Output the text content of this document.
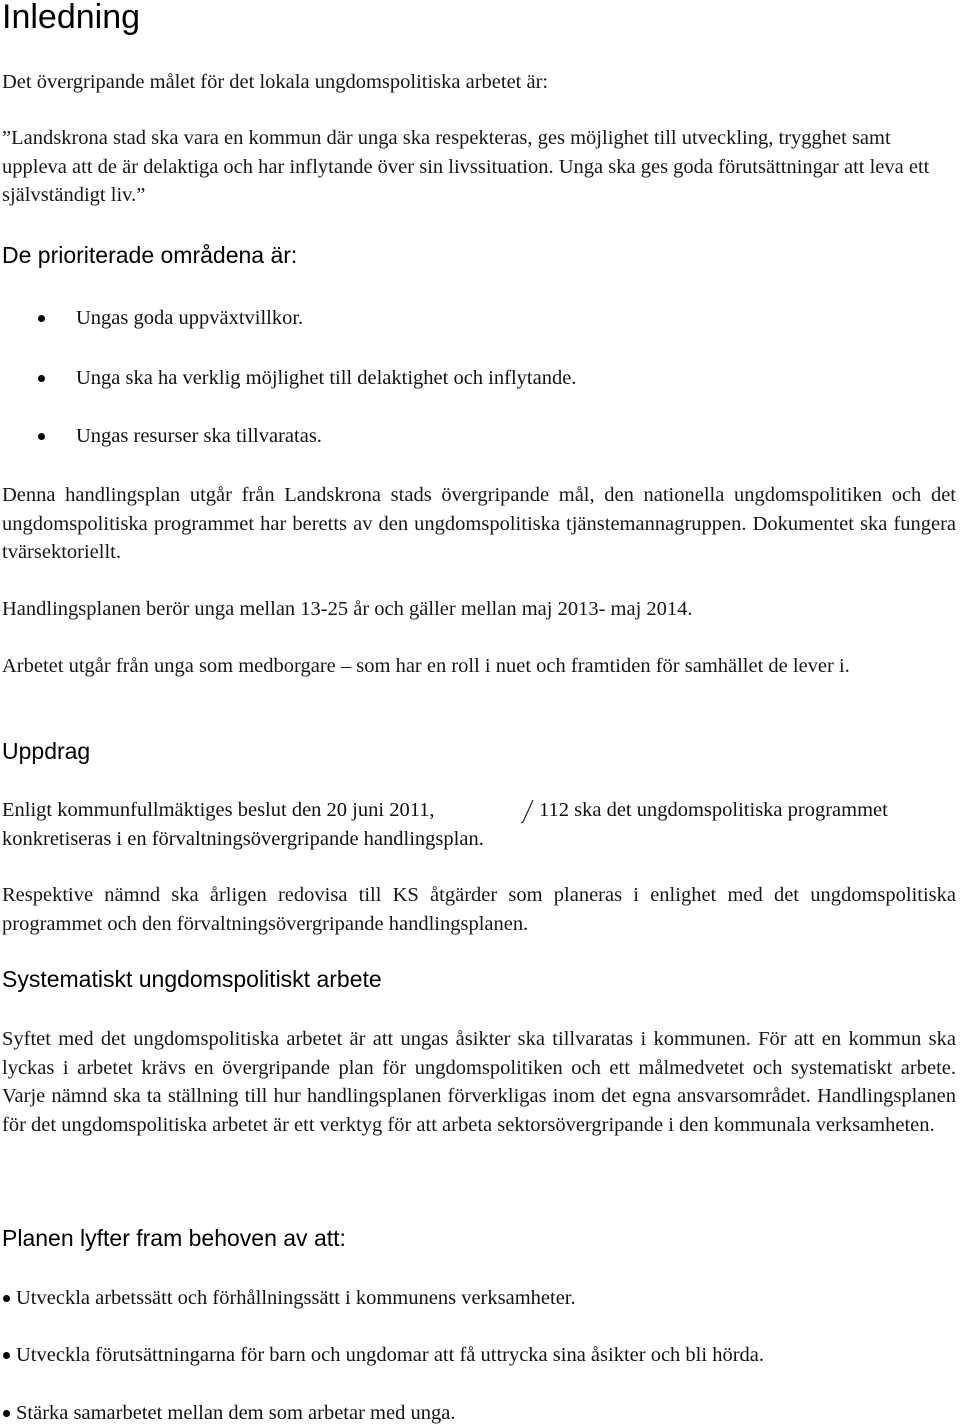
Inledning

Det övergripande målet för det lokala ungdomspolitiska arbetet är:

”Landskrona stad ska vara en kommun där unga ska respekteras, ges möjlighet till utveckling, trygghet samt uppleva att de är delaktiga och har inflytande över sin livssituation. Unga ska ges goda förutsättningar att leva ett självständigt liv.”

De prioriterade områdena är:
Ungas goda uppväxtvillkor.
Unga ska ha verklig möjlighet till delaktighet och inflytande.
Ungas resurser ska tillvaratas.

Denna handlingsplan utgår från Landskrona stads övergripande mål, den nationella ungdomspolitiken och det ungdomspolitiska programmet har beretts av den ungdomspolitiska tjänstemannagruppen. Dokumentet ska fungera tvärsektoriellt.

Handlingsplanen berör unga mellan 13-25 år och gäller mellan maj 2013- maj 2014.

Arbetet utgår från unga som medborgare – som har en roll i nuet och framtiden för samhället de lever i.

Uppdrag
Enligt kommunfullmäktiges beslut den 20 juni 2011,	112 ska det ungdomspolitiska programmet
konkretiseras i en förvaltningsövergripande handlingsplan.

Respektive nämnd ska årligen redovisa till KS åtgärder som planeras i enlighet med det ungdomspolitiska programmet och den förvaltningsövergripande handlingsplanen.

Systematiskt ungdomspolitiskt arbete

Syftet med det ungdomspolitiska arbetet är att ungas åsikter ska tillvaratas i kommunen. För att en kommun ska lyckas i arbetet krävs en övergripande plan för ungdomspolitiken och ett målmedvetet och systematiskt arbete. Varje nämnd ska ta ställning till hur handlingsplanen förverkligas inom det egna ansvarsområdet. Handlingsplanen för det ungdomspolitiska arbetet är ett verktyg för att arbeta sektorsövergripande i den kommunala verksamheten.

Planen lyfter fram behoven av att:
Utveckla arbetssätt och förhållningssätt i kommunens verksamheter.
Utveckla förutsättningarna för barn och ungdomar att få uttrycka sina åsikter och bli hörda.
Stärka samarbetet mellan dem som arbetar med unga.
